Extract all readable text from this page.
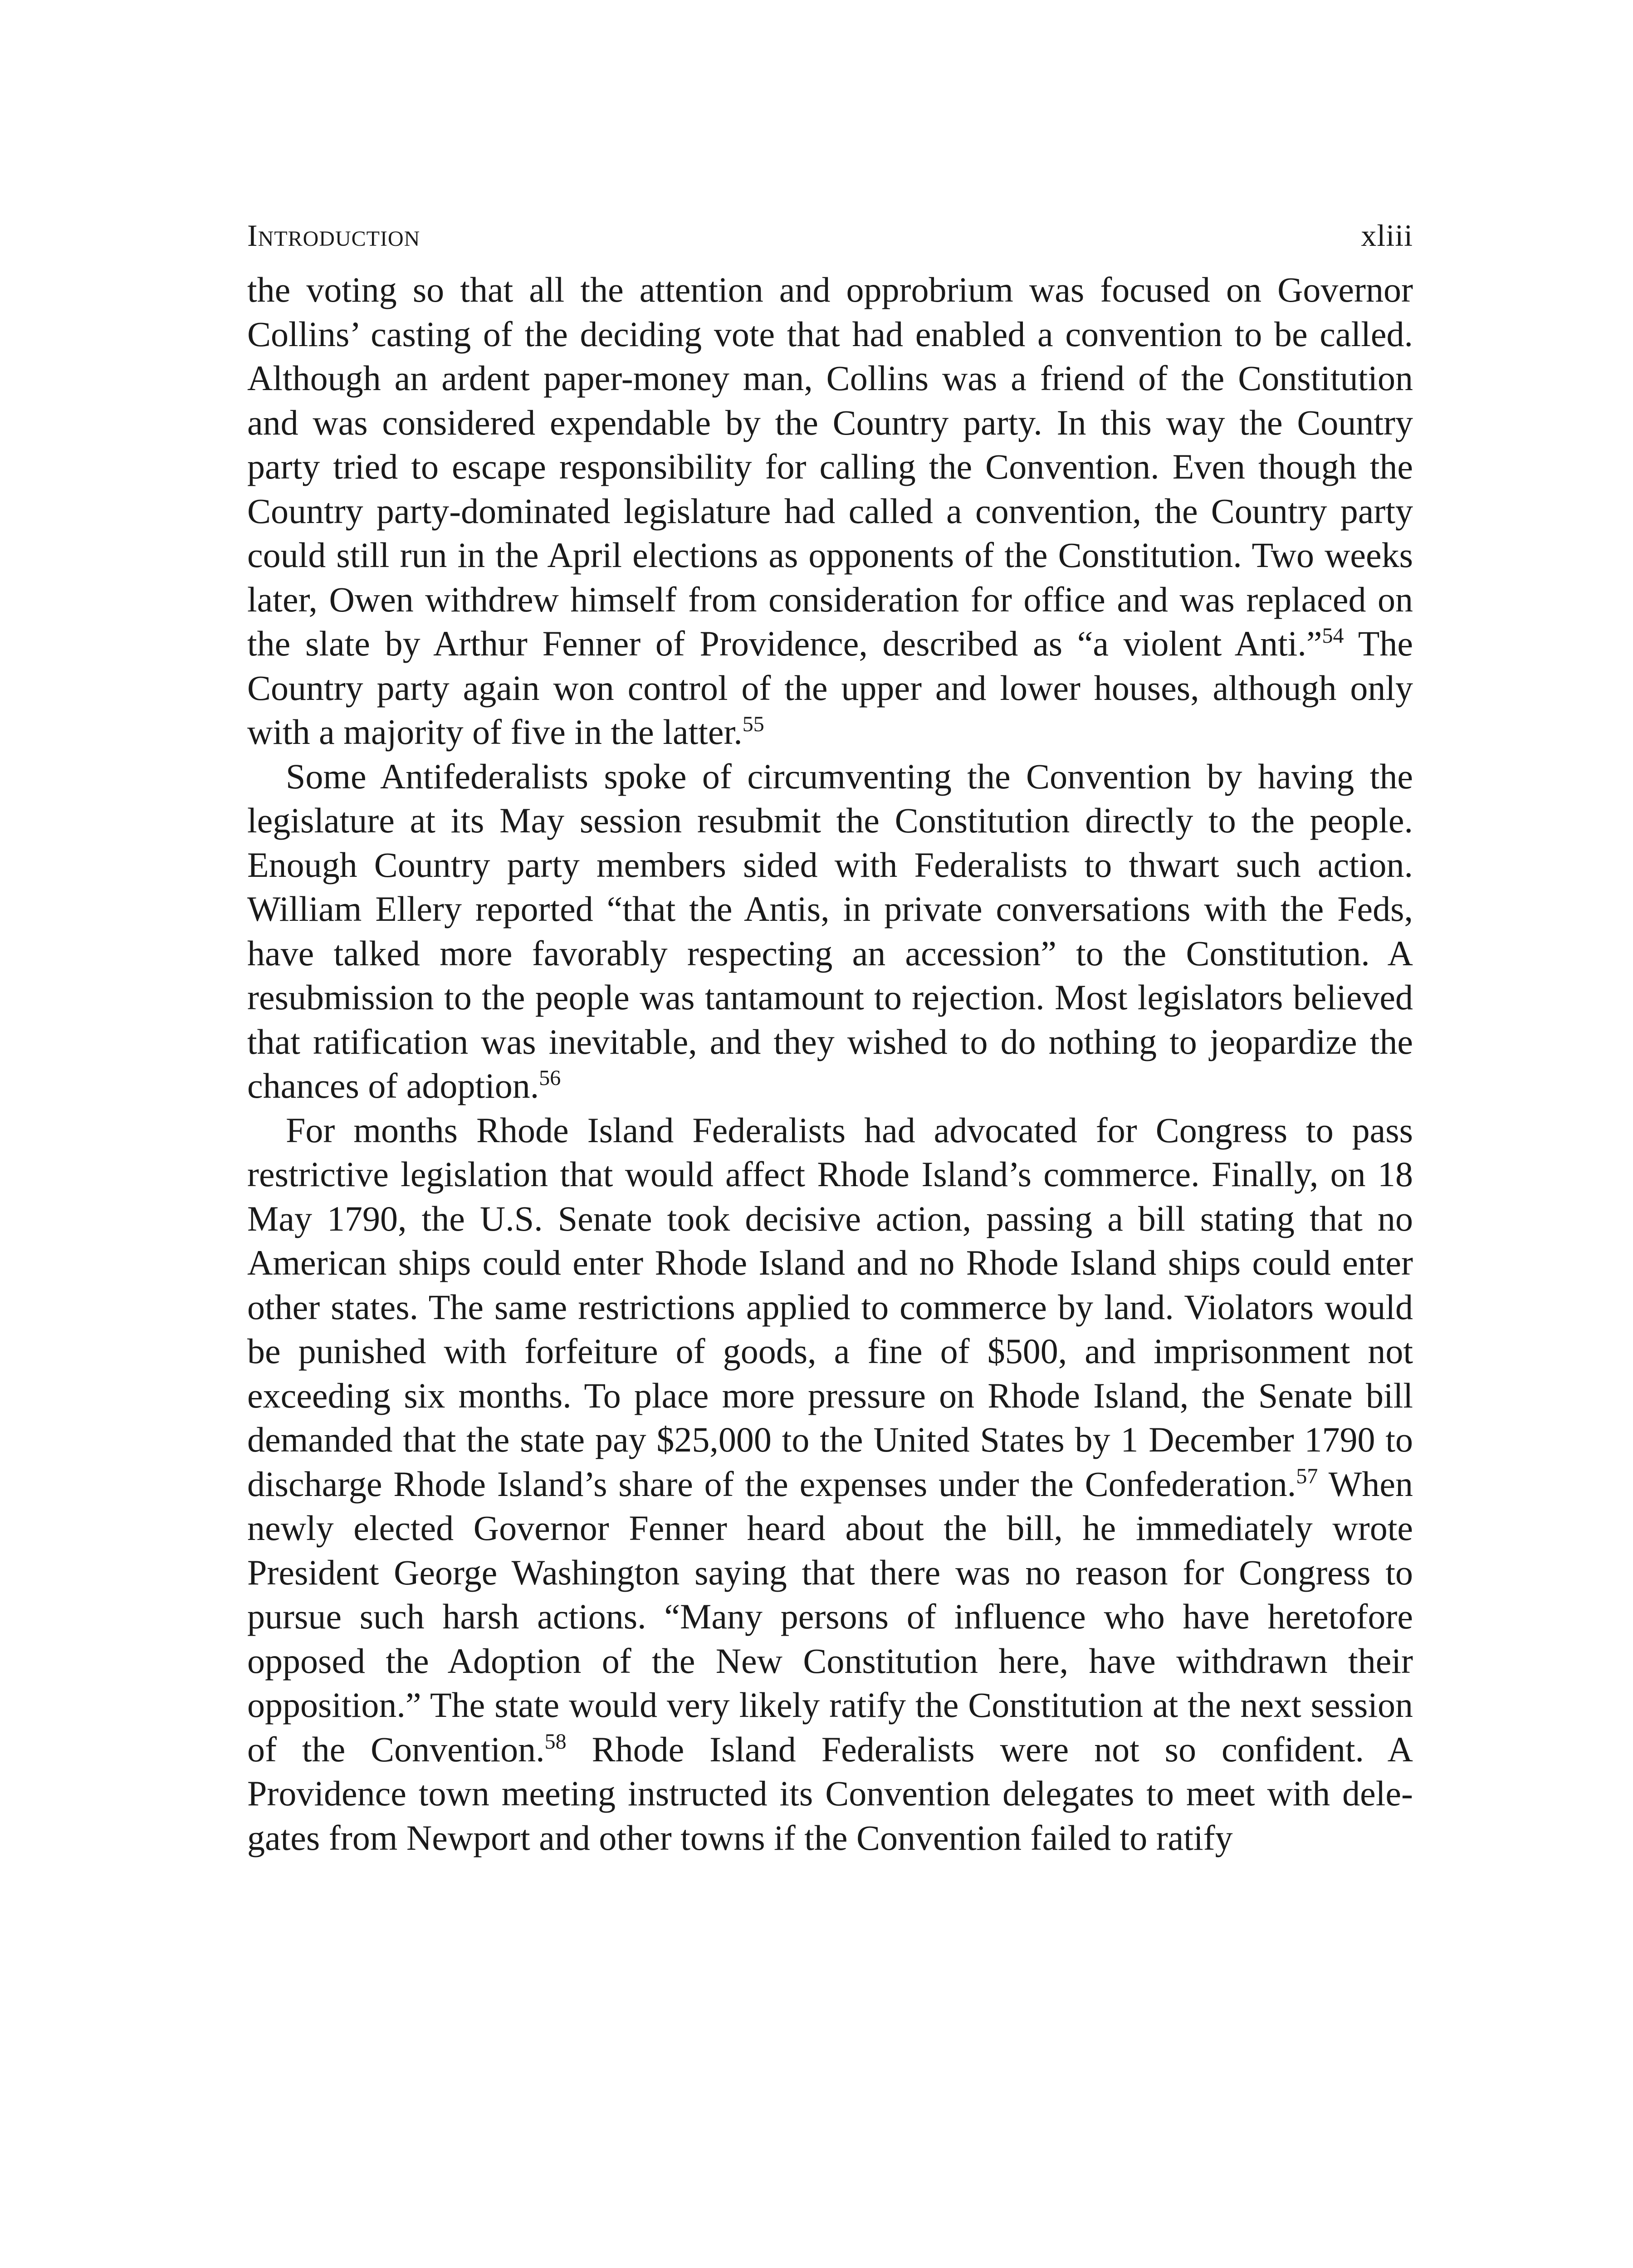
Introduction	xliii

the voting so that all the attention and opprobrium was focused on Governor Collins’ casting of the deciding vote that had enabled a convention to be called. Although an ardent paper-money man, Collins was a friend of the Constitution and was considered expendable by the Country party. In this way the Country party tried to escape responsibility for calling the Convention. Even though the Country party-dominated legislature had called a convention, the Country party could still run in the April elections as opponents of the Constitution. Two weeks later, Owen withdrew himself from consideration for office and was replaced on the slate by Arthur Fenner of Providence, described as “a violent Anti.”$^{54}$ The Country party again won control of the upper and lower houses, although only with a majority of five in the latter.$^{55}$

Some Antifederalists spoke of circumventing the Convention by having the legislature at its May session resubmit the Constitution directly to the people. Enough Country party members sided with Federalists to thwart such action. William Ellery reported “that the Antis, in private conversations with the Feds, have talked more favorably respecting an accession” to the Constitution. A resubmission to the people was tantamount to rejection. Most legislators believed that ratification was inevitable, and they wished to do nothing to jeopardize the chances of adoption.$^{56}$

For months Rhode Island Federalists had advocated for Congress to pass restrictive legislation that would affect Rhode Island’s commerce. Finally, on 18 May 1790, the U.S. Senate took decisive action, passing a bill stating that no American ships could enter Rhode Island and no Rhode Island ships could enter other states. The same restrictions applied to commerce by land. Violators would be punished with forfeiture of goods, a fine of $500, and imprisonment not exceeding six months. To place more pressure on Rhode Island, the Senate bill demanded that the state pay $25,000 to the United States by 1 December 1790 to discharge Rhode Island’s share of the expenses under the Confederation.$^{57}$ When newly elected Governor Fenner heard about the bill, he immediately wrote President George Washington saying that there was no reason for Congress to pursue such harsh actions. “Many persons of influence who have heretofore opposed the Adoption of the New Constitution here, have withdrawn their opposition.” The state would very likely ratify the Constitution at the next session of the Convention.$^{58}$ Rhode Island Federalists were not so confident. A Providence town meeting instructed its Convention delegates to meet with delegates from Newport and other towns if the Convention failed to ratify
